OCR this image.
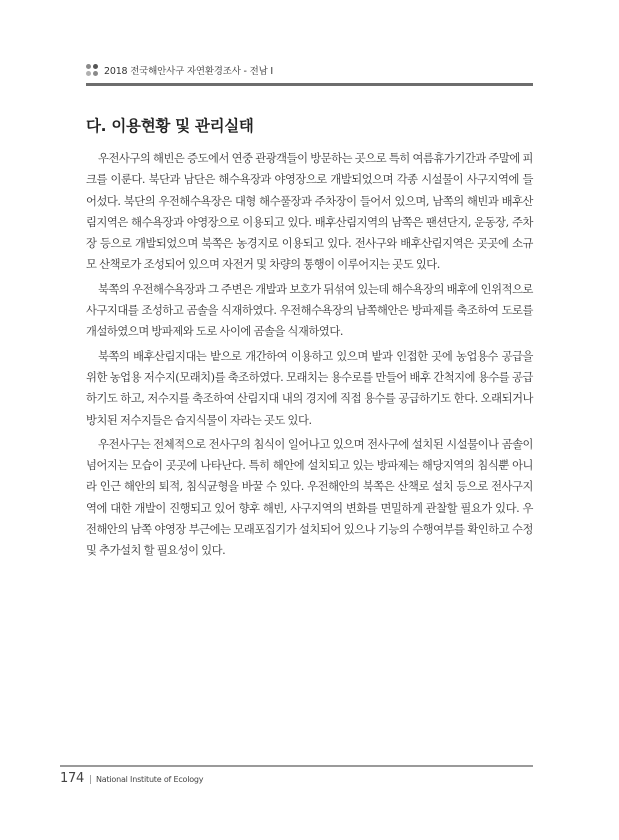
2018 전국해안사구 자연환경조사 - 전남 I
다. 이용현황 및 관리실태

우전사구의 해빈은 증도에서 연중 관광객들이 방문하는 곳으로 특히 여름휴가기간과 주말에 피크를 이룬다. 북단과 남단은 해수욕장과 야영장으로 개발되었으며 각종 시설물이 사구지역에 들어섰다. 북단의 우전해수욕장은 대형 해수풀장과 주차장이 들어서 있으며, 남쪽의 해빈과 배후산림지역은 해수욕장과 야영장으로 이용되고 있다. 배후산림지역의 남쪽은 팬션단지, 운동장, 주차장 등으로 개발되었으며 북쪽은 농경지로 이용되고 있다. 전사구와 배후산림지역은 곳곳에 소규모 산책로가 조성되어 있으며 자전거 및 차량의 통행이 이루어지는 곳도 있다.

북쪽의 우전해수욕장과 그 주변은 개발과 보호가 뒤섞여 있는데 해수욕장의 배후에 인위적으로 사구지대를 조성하고 곰솔을 식재하였다. 우전해수욕장의 남쪽해안은 방파제를 축조하여 도로를 개설하였으며 방파제와 도로 사이에 곰솔을 식재하였다.

북쪽의 배후산림지대는 밭으로 개간하여 이용하고 있으며 밭과 인접한 곳에 농업용수 공급을 위한 농업용 저수지(모래치)를 축조하였다. 모래치는 용수로를 만들어 배후 간척지에 용수를 공급하기도 하고, 저수지를 축조하여 산림지대 내의 경지에 직접 용수를 공급하기도 한다. 오래되거나 방치된 저수지들은 습지식물이 자라는 곳도 있다.

우전사구는 전체적으로 전사구의 침식이 일어나고 있으며 전사구에 설치된 시설물이나 곰솔이 넘어지는 모습이 곳곳에 나타난다. 특히 해안에 설치되고 있는 방파제는 해당지역의 침식뿐 아니라 인근 해안의 퇴적, 침식균형을 바꿀 수 있다. 우전해안의 북쪽은 산책로 설치 등으로 전사구지역에 대한 개발이 진행되고 있어 향후 해빈, 사구지역의 변화를 면밀하게 관찰할 필요가 있다. 우전해안의 남쪽 야영장 부근에는 모래포집기가 설치되어 있으나 기능의 수행여부를 확인하고 수정 및 추가설치 할 필요성이 있다.

174 | National Institute of Ecology
